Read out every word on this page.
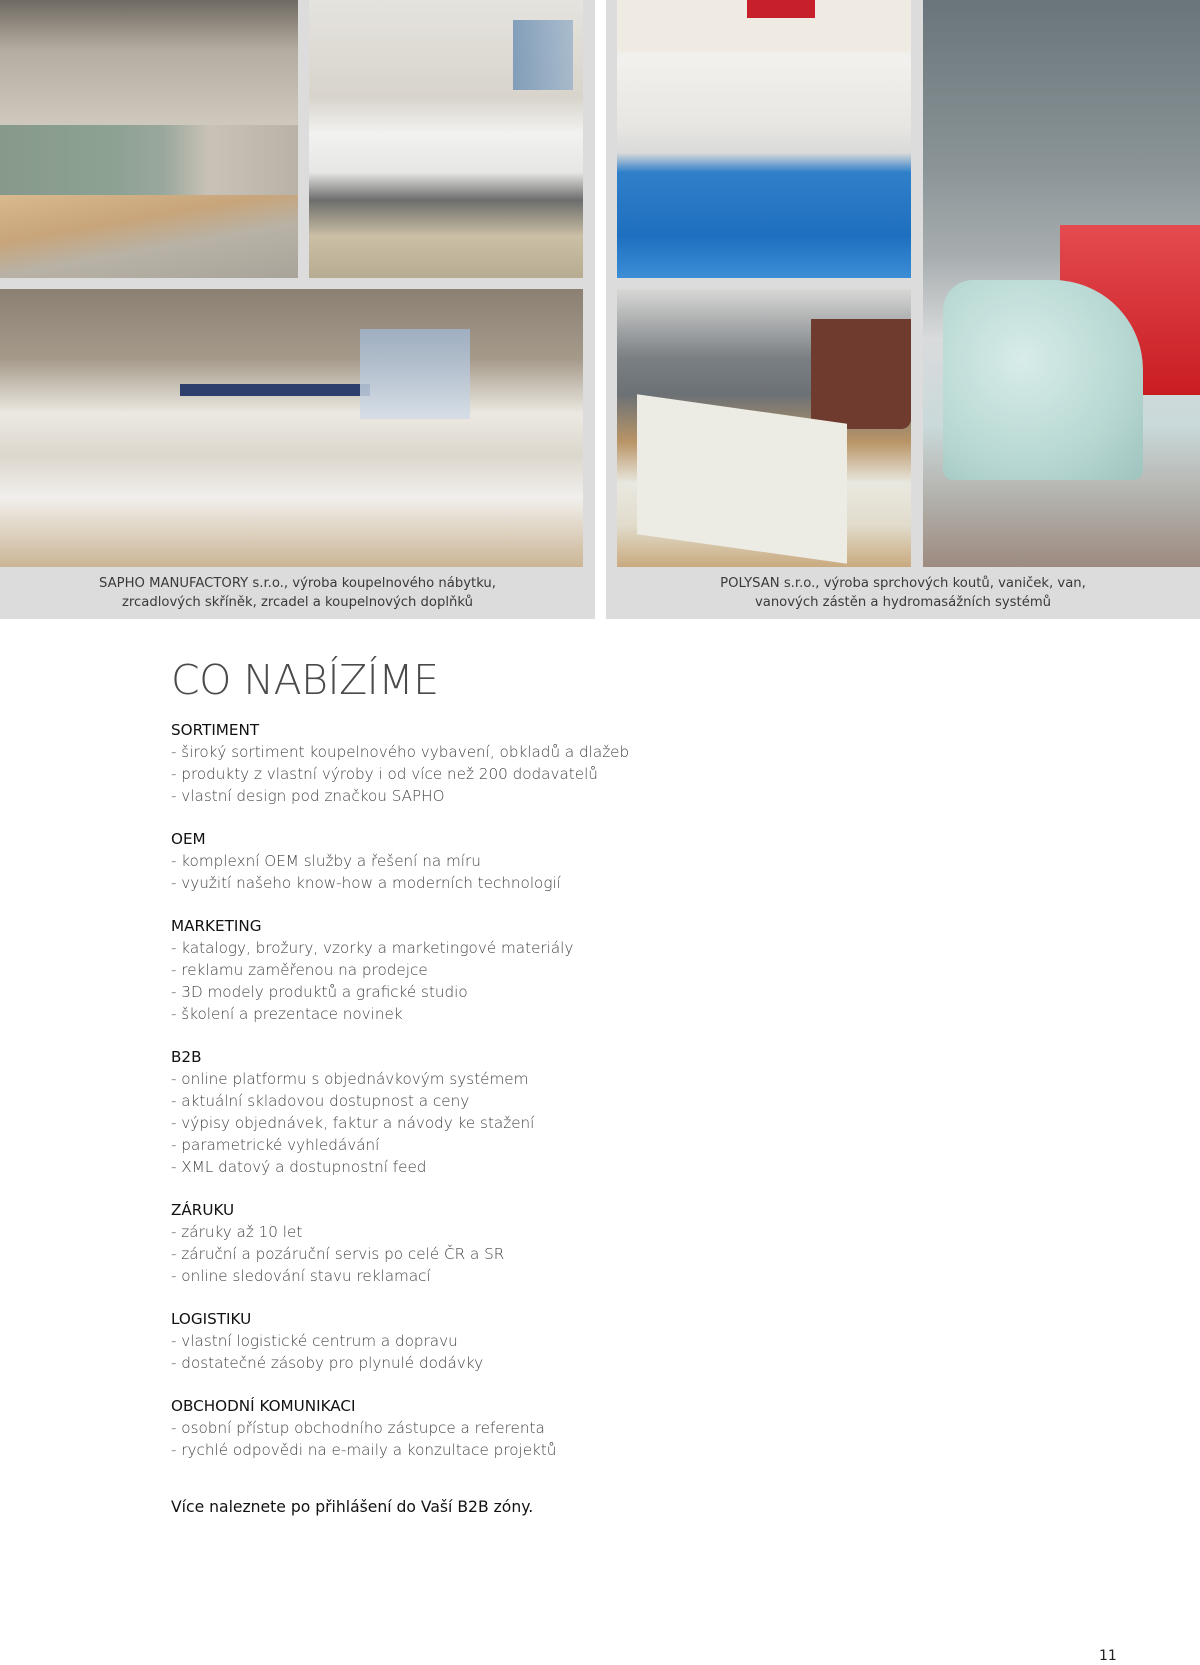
SAPHO MANUFACTORY s.r.o., výroba koupelnového nábytku,
zrcadlových skříněk, zrcadel a koupelnových doplňků
POLYSAN s.r.o., výroba sprchových koutů, vaniček, van,
vanových zástěn a hydromasážních systémů
CO NABÍZÍME
SORTIMENT
- široký sortiment koupelnového vybavení, obkladů a dlažeb
- produkty z vlastní výroby i od více než 200 dodavatelů
- vlastní design pod značkou SAPHO
OEM
- komplexní OEM služby a řešení na míru
- využití našeho know-how a moderních technologií
MARKETING
- katalogy, brožury, vzorky a marketingové materiály
- reklamu zaměřenou na prodejce
- 3D modely produktů a grafické studio
- školení a prezentace novinek
B2B
- online platformu s objednávkovým systémem
- aktuální skladovou dostupnost a ceny
- výpisy objednávek, faktur a návody ke stažení
- parametrické vyhledávání
- XML datový a dostupnostní feed
ZÁRUKU
- záruky až 10 let
- záruční a pozáruční servis po celé ČR a SR
- online sledování stavu reklamací
LOGISTIKU
- vlastní logistické centrum a dopravu
- dostatečné zásoby pro plynulé dodávky
OBCHODNÍ KOMUNIKACI
- osobní přístup obchodního zástupce a referenta
- rychlé odpovědi na e-maily a konzultace projektů

Více naleznete po přihlášení do Vaší B2B zóny.

11
